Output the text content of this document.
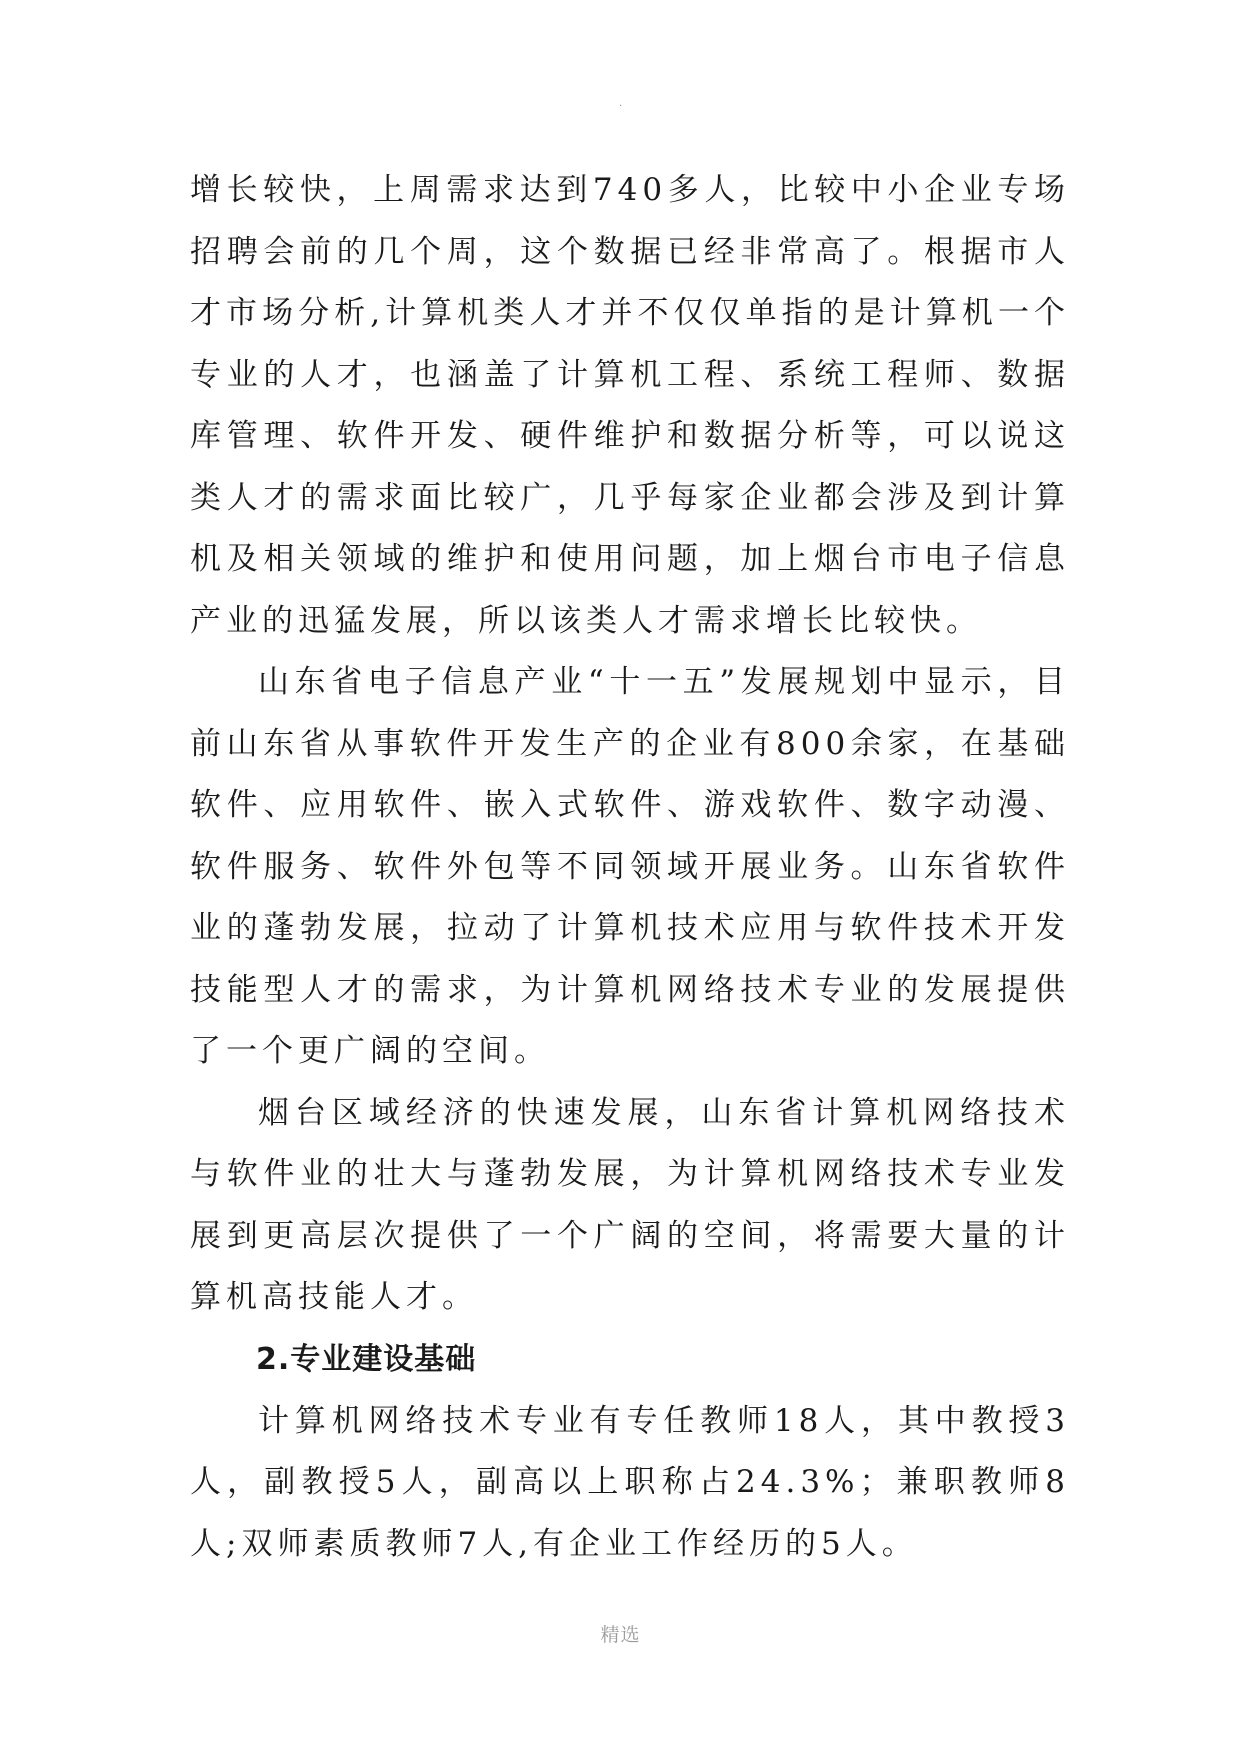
·

增长较快，上周需求达到740多人，比较中小企业专场招聘会前的几个周，这个数据已经非常高了。根据市人才市场分析,计算机类人才并不仅仅单指的是计算机一个专业的人才，也涵盖了计算机工程、系统工程师、数据库管理、软件开发、硬件维护和数据分析等，可以说这类人才的需求面比较广，几乎每家企业都会涉及到计算机及相关领域的维护和使用问题，加上烟台市电子信息产业的迅猛发展，所以该类人才需求增长比较快。

山东省电子信息产业“十一五”发展规划中显示，目前山东省从事软件开发生产的企业有800余家，在基础软件、应用软件、嵌入式软件、游戏软件、数字动漫、软件服务、软件外包等不同领域开展业务。山东省软件业的蓬勃发展，拉动了计算机技术应用与软件技术开发技能型人才的需求，为计算机网络技术专业的发展提供了一个更广阔的空间。

烟台区域经济的快速发展，山东省计算机网络技术与软件业的壮大与蓬勃发展，为计算机网络技术专业发展到更高层次提供了一个广阔的空间，将需要大量的计算机高技能人才。

2.专业建设基础

计算机网络技术专业有专任教师18人，其中教授3人，副教授5人，副高以上职称占24.3%；兼职教师8人;双师素质教师7人,有企业工作经历的5人。

精选
